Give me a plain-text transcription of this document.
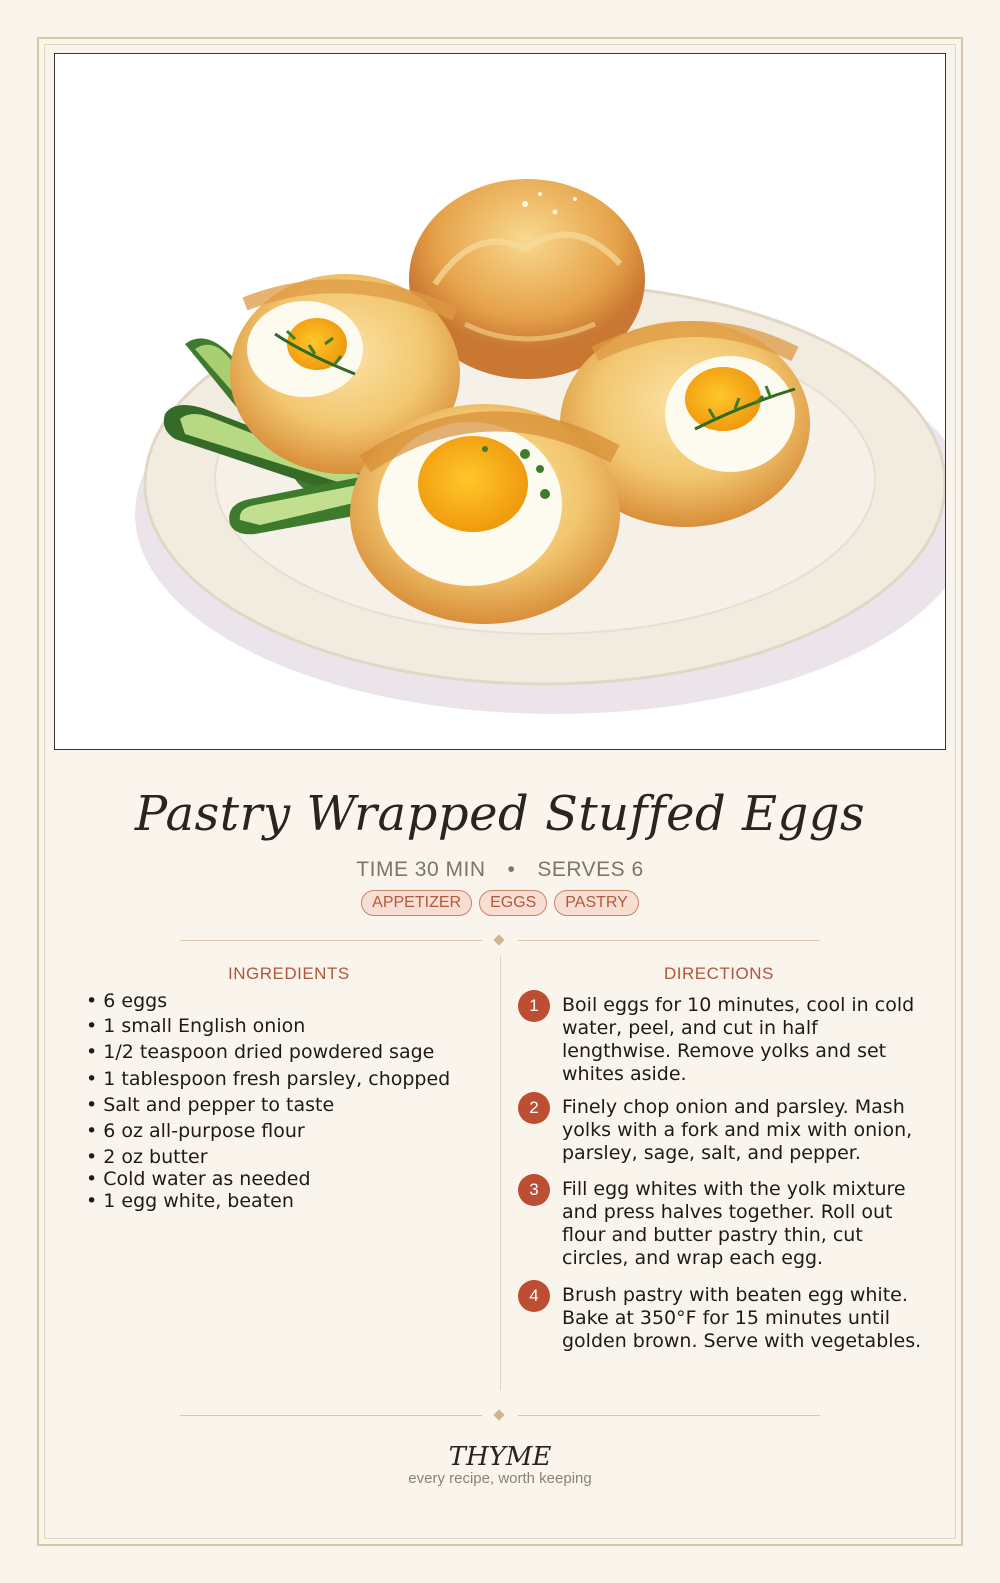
Pastry Wrapped Stuffed Eggs
TIME 30 MIN • SERVES 6
APPETIZER	EGGS	PASTRY
INGREDIENTS	DIRECTIONS
• 6 eggs
• 1 small English onion
• 1/2 teaspoon dried powdered sage
• 1 tablespoon fresh parsley, chopped
• Salt and pepper to taste
• 6 oz all-purpose flour
• 2 oz butter
• Cold water as needed
• 1 egg white, beaten
1	Boil eggs for 10 minutes, cool in cold water, peel, and cut in half lengthwise. Remove yolks and set whites aside.
2	Finely chop onion and parsley. Mash yolks with a fork and mix with onion, parsley, sage, salt, and pepper.
3	Fill egg whites with the yolk mixture and press halves together. Roll out flour and butter pastry thin, cut circles, and wrap each egg.
4	Brush pastry with beaten egg white. Bake at 350°F for 15 minutes until golden brown. Serve with vegetables.
THYME
every recipe, worth keeping
